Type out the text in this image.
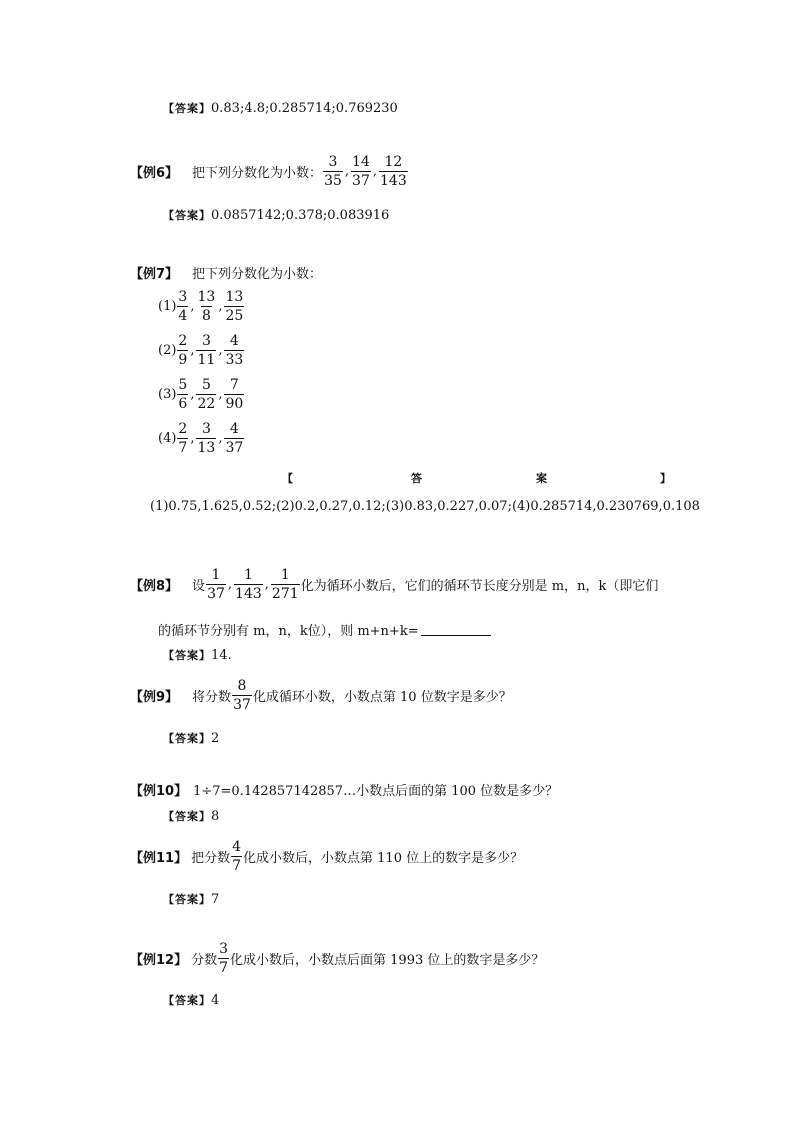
【答案】 0.83;4.8;0.285714;0.769230
【例6】 把下列分数化为小数： $\frac{3}{35}$ , $\frac{14}{37}$ , $\frac{12}{143}$
【答案】 0.0857142;0.378;0.083916
【例7】 把下列分数化为小数：
$(1) \frac{3}{4}$ , $\frac{13}{8}$ , $\frac{13}{25}$
$(2) \frac{2}{9}$ , $\frac{3}{11}$ , $\frac{4}{33}$
$(3) \frac{5}{6}$ , $\frac{5}{22}$ , $\frac{7}{90}$
$(4) \frac{2}{7}$ , $\frac{3}{13}$ , $\frac{4}{37}$
【	答	案	】
(1)0.75,1.625,0.52;(2)0.2,0.27,0.12;(3)0.83,0.227,0.07;(4)0.285714,0.230769,0.108
【例8】 设 $\frac{1}{37}$ , $\frac{1}{143}$ , $\frac{1}{271}$ 化为循环小数后，它们的循环节长度分别是 m，n，k（即它们
的循环节分别有 m，n，k位），则 m+n+k=
【答案】 14.
【例9】 将分数 $\frac{8}{37}$ 化成循环小数，小数点第 10 位数字是多少？
【答案】 2
【例10】 1÷7=0.142857142857…小数点后面的第 100 位数是多少？
【答案】 8
【例11】 把分数 $\frac{4}{7}$ 化成小数后，小数点第 110 位上的数字是多少？
【答案】 7
【例12】 分数 $\frac{3}{7}$ 化成小数后，小数点后面第 1993 位上的数字是多少？
【答案】 4
